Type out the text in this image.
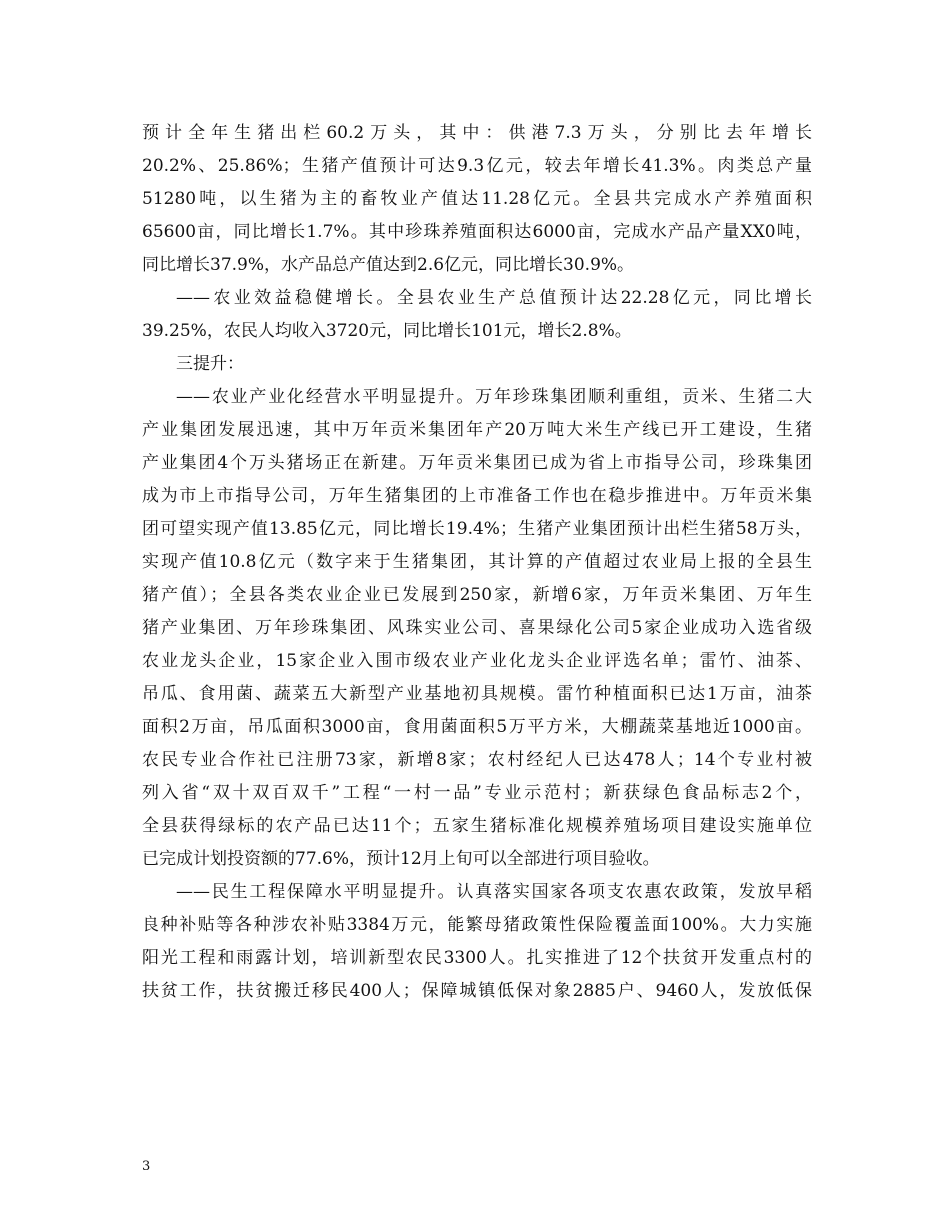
预计全年生猪出栏60.2万头，其中：供港7.3万头，分别比去年增长
20.2%、25.86%；生猪产值预计可达9.3亿元，较去年增长41.3%。肉类总产量
51280吨，以生猪为主的畜牧业产值达11.28亿元。全县共完成水产养殖面积
65600亩，同比增长1.7%。其中珍珠养殖面积达6000亩，完成水产品产量XX0吨，
同比增长37.9%，水产品总产值达到2.6亿元，同比增长30.9%。
——农业效益稳健增长。全县农业生产总值预计达22.28亿元，同比增长
39.25%，农民人均收入3720元，同比增长101元，增长2.8%。
三提升：
——农业产业化经营水平明显提升。万年珍珠集团顺利重组，贡米、生猪二大
产业集团发展迅速，其中万年贡米集团年产20万吨大米生产线已开工建设，生猪
产业集团4个万头猪场正在新建。万年贡米集团已成为省上市指导公司，珍珠集团
成为市上市指导公司，万年生猪集团的上市准备工作也在稳步推进中。万年贡米集
团可望实现产值13.85亿元，同比增长19.4%；生猪产业集团预计出栏生猪58万头，
实现产值10.8亿元（数字来于生猪集团，其计算的产值超过农业局上报的全县生
猪产值）；全县各类农业企业已发展到250家，新增6家，万年贡米集团、万年生
猪产业集团、万年珍珠集团、风珠实业公司、喜果绿化公司5家企业成功入选省级
农业龙头企业，15家企业入围市级农业产业化龙头企业评选名单；雷竹、油茶、
吊瓜、食用菌、蔬菜五大新型产业基地初具规模。雷竹种植面积已达1万亩，油茶
面积2万亩，吊瓜面积3000亩，食用菌面积5万平方米，大棚蔬菜基地近1000亩。
农民专业合作社已注册73家，新增8家；农村经纪人已达478人；14个专业村被
列入省“双十双百双千”工程“一村一品”专业示范村；新获绿色食品标志2个，
全县获得绿标的农产品已达11个；五家生猪标准化规模养殖场项目建设实施单位
已完成计划投资额的77.6%，预计12月上旬可以全部进行项目验收。
——民生工程保障水平明显提升。认真落实国家各项支农惠农政策，发放早稻
良种补贴等各种涉农补贴3384万元，能繁母猪政策性保险覆盖面100%。大力实施
阳光工程和雨露计划，培训新型农民3300人。扎实推进了12个扶贫开发重点村的
扶贫工作，扶贫搬迁移民400人；保障城镇低保对象2885户、9460人，发放低保
3
